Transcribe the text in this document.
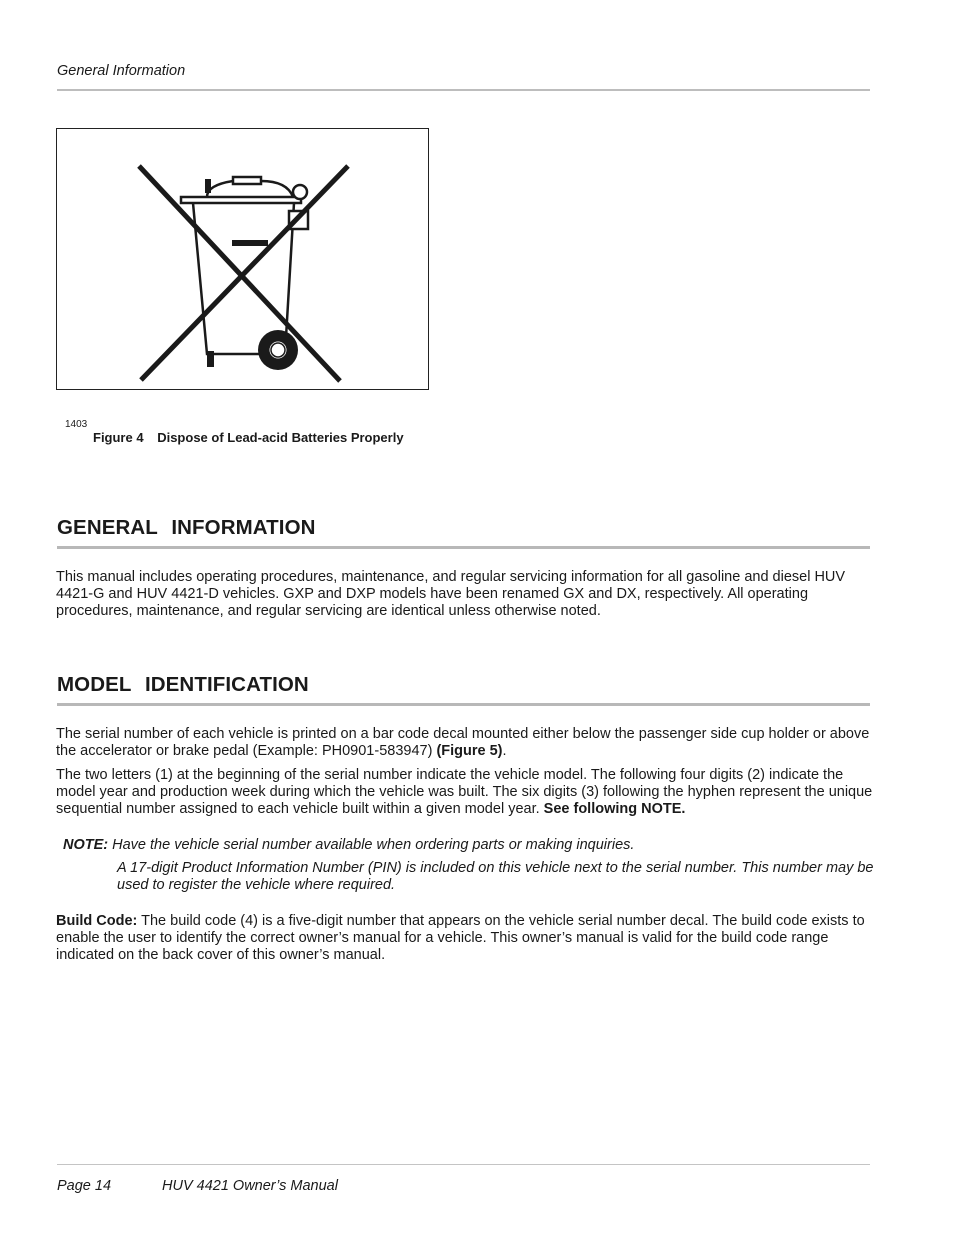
General Information
1403
Figure 4 Dispose of Lead-acid Batteries Properly
GENERAL INFORMATION

This manual includes operating procedures, maintenance, and regular servicing information for all gasoline and diesel HUV 4421-G and HUV 4421-D vehicles. GXP and DXP models have been renamed GX and DX, respectively. All operating procedures, maintenance, and regular servicing are identical unless otherwise noted.

MODEL IDENTIFICATION

The serial number of each vehicle is printed on a bar code decal mounted either below the passenger side cup holder or above the accelerator or brake pedal (Example: PH0901-583947) (Figure 5).

The two letters (1) at the beginning of the serial number indicate the vehicle model. The following four digits (2) indicate the model year and production week during which the vehicle was built. The six digits (3) following the hyphen represent the unique sequential number assigned to each vehicle built within a given model year. See following NOTE.

NOTE: Have the vehicle serial number available when ordering parts or making inquiries.
A 17-digit Product Information Number (PIN) is included on this vehicle next to the serial number. This number may be used to register the vehicle where required.

Build Code: The build code (4) is a five-digit number that appears on the vehicle serial number decal. The build code exists to enable the user to identify the correct owner’s manual for a vehicle. This owner’s manual is valid for the build code range indicated on the back cover of this owner’s manual.

Page 14	HUV 4421 Owner’s Manual
